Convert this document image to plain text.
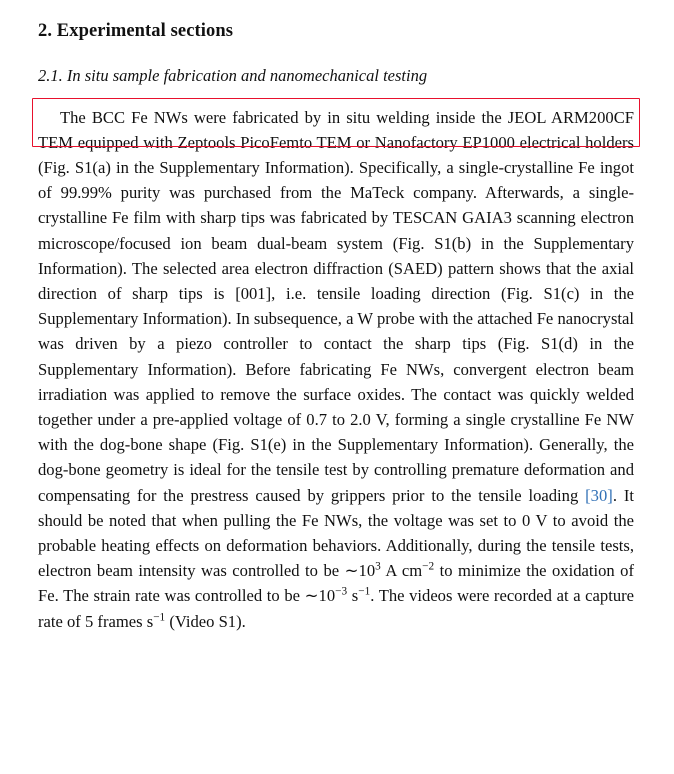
2. Experimental sections
2.1. In situ sample fabrication and nanomechanical testing

The BCC Fe NWs were fabricated by in situ welding inside the JEOL ARM200CF TEM equipped with Zeptools PicoFemto TEM or Nanofactory EP1000 electrical holders (Fig. S1(a) in the Supplementary Information). Specifically, a single-crystalline Fe ingot of 99.99% purity was purchased from the MaTeck company. Afterwards, a single-crystalline Fe film with sharp tips was fabricated by TESCAN GAIA3 scanning electron microscope/focused ion beam dual-beam system (Fig. S1(b) in the Supplementary Information). The selected area electron diffraction (SAED) pattern shows that the axial direction of sharp tips is [001], i.e. tensile loading direction (Fig. S1(c) in the Supplementary Information). In subsequence, a W probe with the attached Fe nanocrystal was driven by a piezo controller to contact the sharp tips (Fig. S1(d) in the Supplementary Information). Before fabricating Fe NWs, convergent electron beam irradiation was applied to remove the surface oxides. The contact was quickly welded together under a pre-applied voltage of 0.7 to 2.0 V, forming a single crystalline Fe NW with the dog-bone shape (Fig. S1(e) in the Supplementary Information). Generally, the dog-bone geometry is ideal for the tensile test by controlling premature deformation and compensating for the prestress caused by grippers prior to the tensile loading [30]. It should be noted that when pulling the Fe NWs, the voltage was set to 0 V to avoid the probable heating effects on deformation behaviors. Additionally, during the tensile tests, electron beam intensity was controlled to be $\sim 10^3$ A $cm^{-2}$ to minimize the oxidation of Fe. The strain rate was controlled to be $\sim 10^{-3}$ $s^{-1}$. The videos were recorded at a capture rate of 5 frames $s^{-1}$ (Video S1).
